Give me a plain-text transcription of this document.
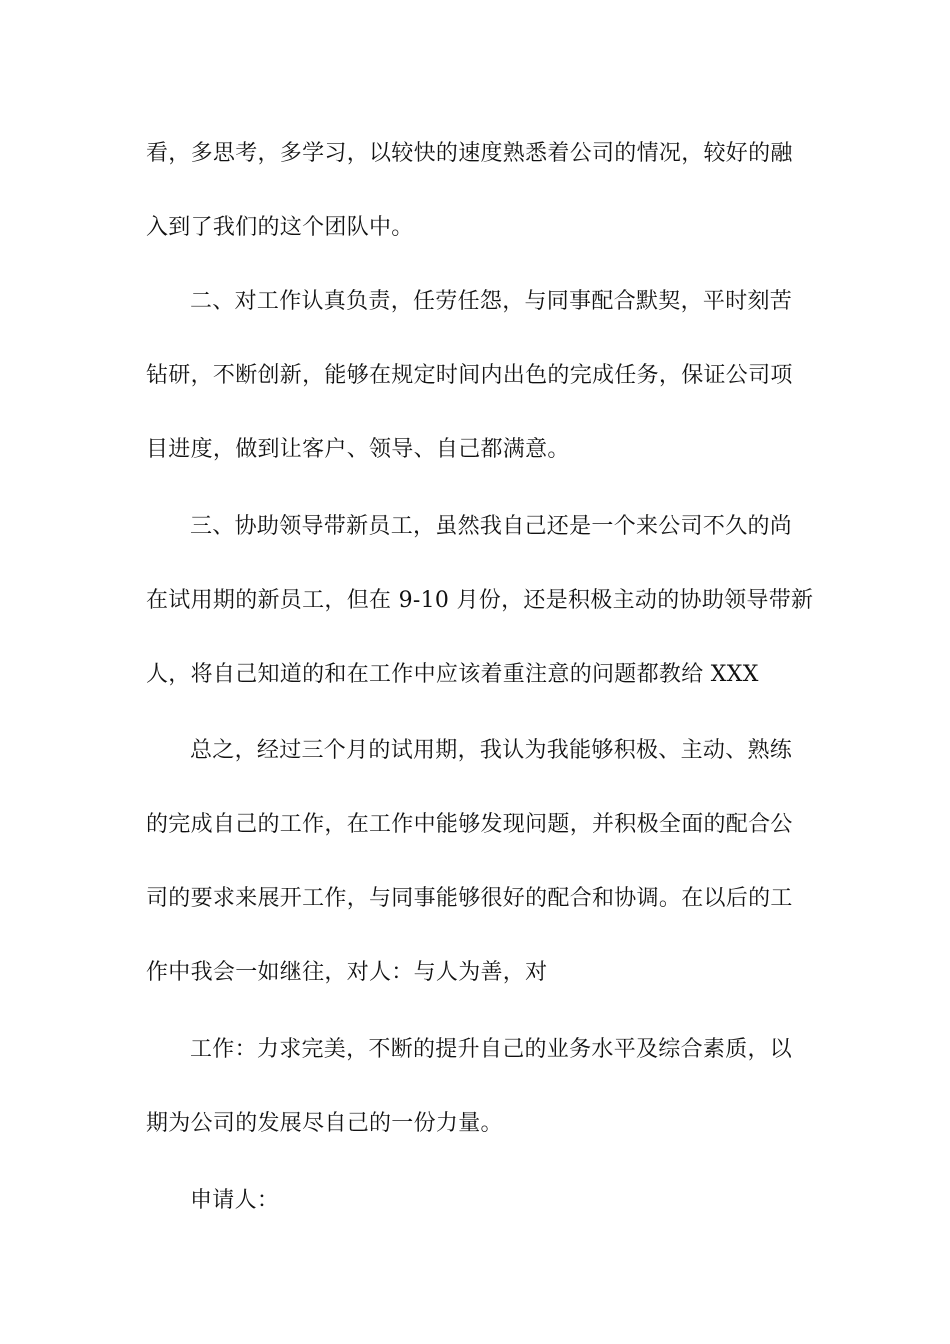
看，多思考，多学习，以较快的速度熟悉着公司的情况，较好的融
入到了我们的这个团队中。
二、对工作认真负责，任劳任怨，与同事配合默契，平时刻苦
钻研，不断创新，能够在规定时间内出色的完成任务，保证公司项
目进度，做到让客户、领导、自己都满意。
三、协助领导带新员工，虽然我自己还是一个来公司不久的尚
在试用期的新员工，但在 9-10 月份，还是积极主动的协助领导带新
人，将自己知道的和在工作中应该着重注意的问题都教给 XXX
总之，经过三个月的试用期，我认为我能够积极、主动、熟练
的完成自己的工作，在工作中能够发现问题，并积极全面的配合公
司的要求来展开工作，与同事能够很好的配合和协调。在以后的工
作中我会一如继往，对人：与人为善，对
工作：力求完美，不断的提升自己的业务水平及综合素质，以
期为公司的发展尽自己的一份力量。
申请人：
